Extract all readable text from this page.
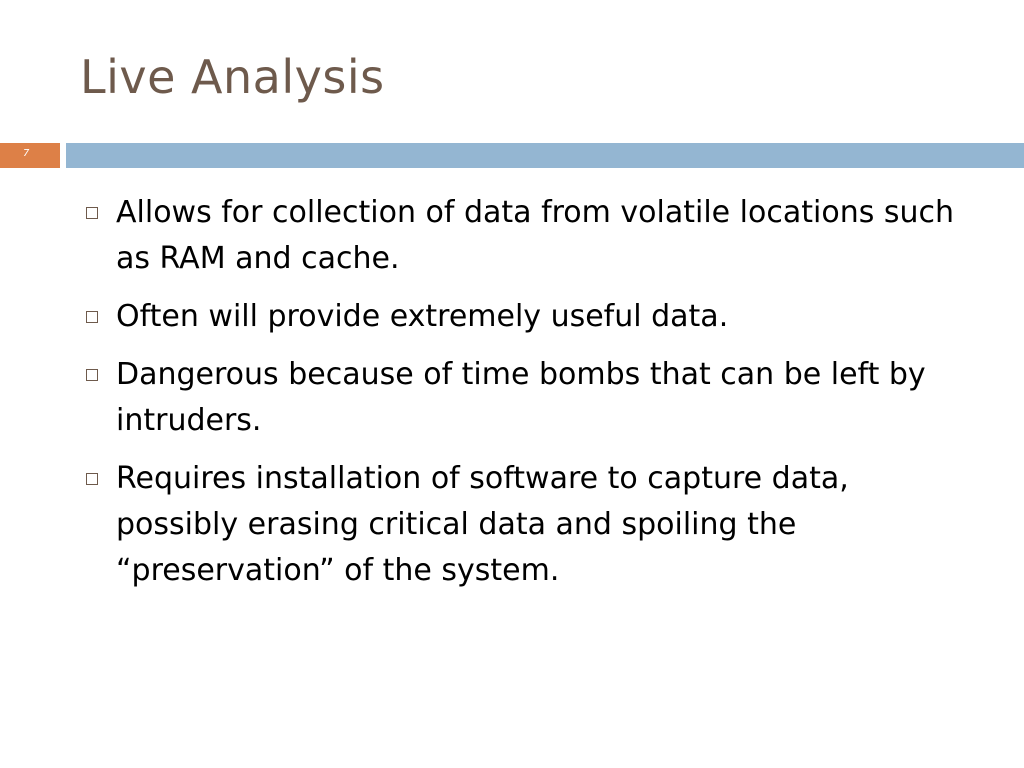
Live Analysis
7
Allows for collection of data from volatile locations such as RAM and cache.
Often will provide extremely useful data.
Dangerous because of time bombs that can be left by intruders.
Requires installation of software to capture data, possibly erasing critical data and spoiling the “preservation” of the system.
